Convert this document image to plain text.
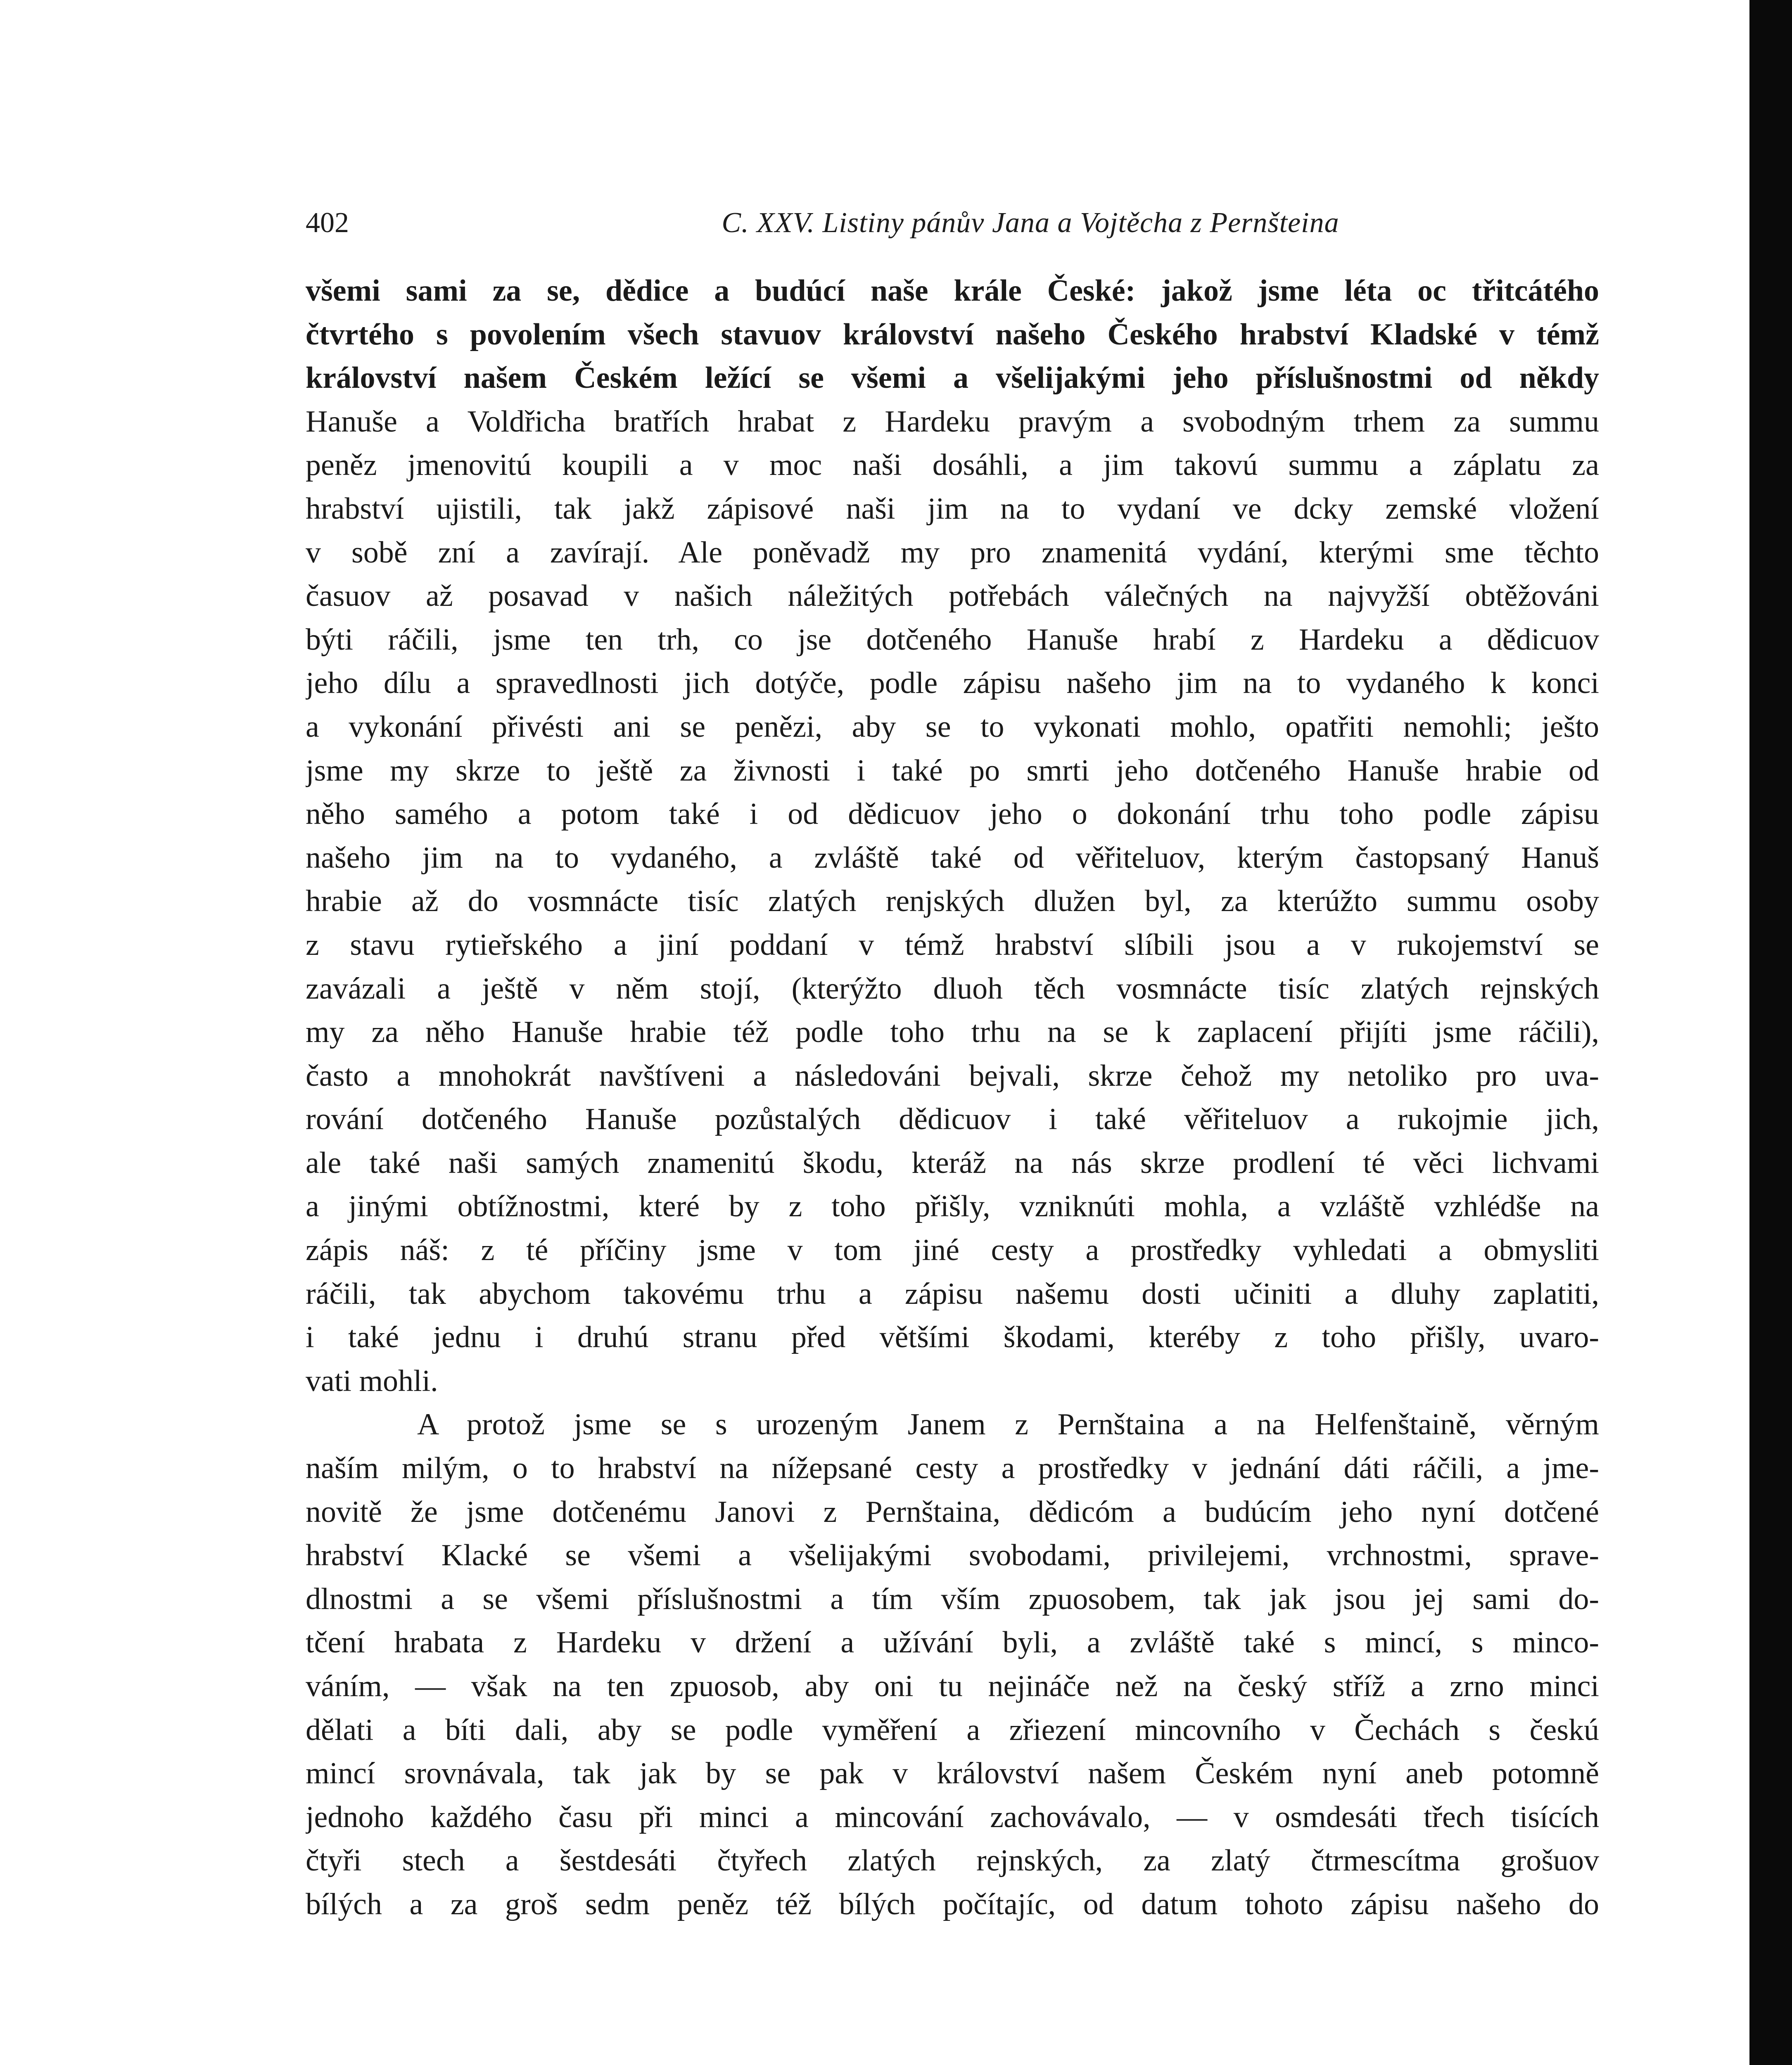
402	C. XXV. Listiny pánův Jana a Vojtěcha z Pernšteina
všemi sami za se, dědice a budúcí naše krále České: jakož jsme léta oc třitcátého
čtvrtého s povolením všech stavuov království našeho Českého hrabství Kladské v témž
království našem Českém ležící se všemi a všelijakými jeho příslušnostmi od někdy
Hanuše a Voldřicha bratřích hrabat z Hardeku pravým a svobodným trhem za summu
peněz jmenovitú koupili a v moc naši dosáhli, a jim takovú summu a záplatu za
hrabství ujistili, tak jakž zápisové naši jim na to vydaní ve dcky zemské vložení
v sobě zní a zavírají. Ale poněvadž my pro znamenitá vydání, kterými sme těchto
časuov až posavad v našich náležitých potřebách válečných na najvyžší obtěžováni
býti ráčili, jsme ten trh, co jse dotčeného Hanuše hrabí z Hardeku a dědicuov
jeho dílu a spravedlnosti jich dotýče, podle zápisu našeho jim na to vydaného k konci
a vykonání přivésti ani se penězi, aby se to vykonati mohlo, opatřiti nemohli; ješto
jsme my skrze to ještě za živnosti i také po smrti jeho dotčeného Hanuše hrabie od
něho samého a potom také i od dědicuov jeho o dokonání trhu toho podle zápisu
našeho jim na to vydaného, a zvláště také od věřiteluov, kterým častopsaný Hanuš
hrabie až do vosmnácte tisíc zlatých renjských dlužen byl, za kterúžto summu osoby
z stavu rytieřského a jiní poddaní v témž hrabství slíbili jsou a v rukojemství se
zavázali a ještě v něm stojí, (kterýžto dluoh těch vosmnácte tisíc zlatých rejnských
my za něho Hanuše hrabie též podle toho trhu na se k zaplacení přijíti jsme ráčili),
často a mnohokrát navštíveni a následováni bejvali, skrze čehož my netoliko pro uva-
rování dotčeného Hanuše pozůstalých dědicuov i také věřiteluov a rukojmie jich,
ale také naši samých znamenitú škodu, kteráž na nás skrze prodlení té věci lichvami
a jinými obtížnostmi, které by z toho přišly, vzniknúti mohla, a vzláště vzhlédše na
zápis náš: z té příčiny jsme v tom jiné cesty a prostředky vyhledati a obmysliti
ráčili, tak abychom takovému trhu a zápisu našemu dosti učiniti a dluhy zaplatiti,
i také jednu i druhú stranu před většími škodami, kteréby z toho přišly, uvaro-
vati mohli.
A protož jsme se s urozeným Janem z Pernštaina a na Helfenštaině, věrným
naším milým, o to hrabství na nížepsané cesty a prostředky v jednání dáti ráčili, a jme-
novitě že jsme dotčenému Janovi z Pernštaina, dědicóm a budúcím jeho nyní dotčené
hrabství Klacké se všemi a všelijakými svobodami, privilejemi, vrchnostmi, sprave-
dlnostmi a se všemi příslušnostmi a tím vším zpuosobem, tak jak jsou jej sami do-
tčení hrabata z Hardeku v držení a užívání byli, a zvláště také s mincí, s minco-
váním, — však na ten zpuosob, aby oni tu nejináče než na český stříž a zrno minci
dělati a bíti dali, aby se podle vyměření a zřiezení mincovního v Čechách s českú
mincí srovnávala, tak jak by se pak v království našem Českém nyní aneb potomně
jednoho každého času při minci a mincování zachovávalo, — v osmdesáti třech tisících
čtyři stech a šestdesáti čtyřech zlatých rejnských, za zlatý čtrmescítma grošuov
bílých a za groš sedm peněz též bílých počítajíc, od datum tohoto zápisu našeho do
